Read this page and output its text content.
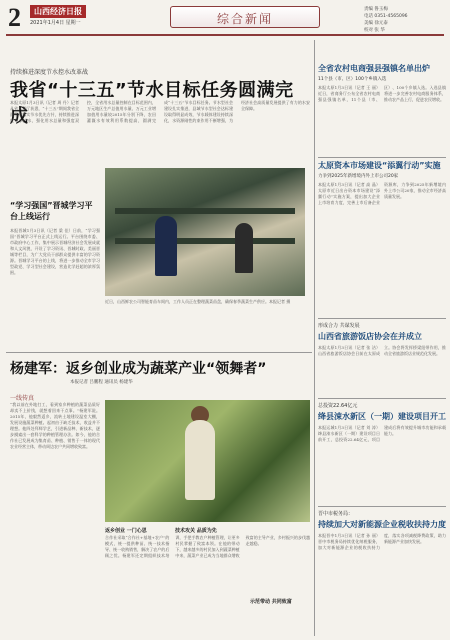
2	山西经济日报
2021年1月4日 星期一	综合新闻
责编 鲁玉梅
电话 0351-4565096
美编 徐元泰
校对 张 华
持续推进深度节水控水改革战
我省“十三五”节水目标任务圆满完成
本报太原1月3日讯（记者 周 丹）记者从省水利厅获悉，“十三五”期间我省全面贯彻落实节水优先方针，持续推进深度节水控水，强化用水总量和强度双控，全省用水总量控制在目标范围内，万元地区生产总值用水量、万元工业增加值用水量较2015年分别下降，农田灌溉水有效利用系数提高，圆满完成“十三五”节水目标任务。节水型社会建设扎实推进，县域节水型社会达标建设取得明显成效，节水载体建设持续深化，水资源刚性约束作用不断增强，为经济社会高质量发展提供了有力的水安全保障。
近日，山西鲜农公司智能育苗车间内，工作人员正在整理蔬菜苗盘，确保春季蔬菜生产供应。本报记者 摄
“学习强国”晋城学习平台上线运行
本报晋城1月3日讯（记者 梁 佳）日前，“学习强国”晋城学习平台正式上线运行。平台围绕市委、市政府中心工作，集中展示晋城经济社会发展成就和人文风貌，开设了学习资讯、晋城时政、美丽晋城等栏目，为广大党员干部群众提供丰富的学习资源。晋城学习平台的上线，将进一步推动全市学习型政党、学习型社会建设，营造比学赶超的浓厚氛围。
杨建军：返乡创业成为蔬菜产业“领舞者”
本报记者 吕鹏程 通讯员 杨建华
一线传真
“我以前在外地打工，看到家乡种植的蔬菜品质好却卖不上价钱，就想着回来干点事。”杨建军说。2015年，他毅然返乡，流转土地建设温室大棚，发展设施蔬菜种植。起初由于缺乏技术，收益并不理想。他四处拜师学艺，引进新品种、新技术，逐步摸索出一套科学的种植管理办法。如今，他的合作社已发展成为集育苗、种植、销售于一体的现代农业经营主体，带动周边农户共同增收致富。
返乡创业 一门心思	技术攻关 品质为先
合作社采取“合作社+基地+农户”的模式，统一提供种苗、统一技术指导、统一收购销售，解决了农户的后顾之忧。杨建军还定期组织技术培训，手把手教农户种植管理，让更多村民掌握了致富本领。在他的带动下，越来越多的村民加入到蔬菜种植中来，蔬菜产业已成为当地群众增收致富的主导产业，乡村振兴的步伐越走越稳。
示范带动 共同致富
全省农村电商强县强镇名单出炉
11个县（市、区）100个乡镇入选
本报太原1月3日讯（记者 王 丽）近日，省商务厅公布全省农村电商强县强镇名单，11个县（市、区）、100个乡镇入选。入选县镇将进一步完善农村电商服务体系，推动农产品上行，促进农民增收。
太原资本市场建设“添翼行动”实施
力争到2025年新增境内外上市公司20家
本报太原1月3日讯（记者 高 晶）太原市近日出台资本市场建设“添翼行动”实施方案，提出加大企业上市培育力度，完善上市后备企业资源库，力争到2025年新增境内外上市公司20家，推动全市经济高质量发展。
形成合力 共谋发展
山西省旅游饭店协会在并成立
本报太原1月3日讯（记者 张 洁）山西省旅游饭店协会日前在太原成立。协会将发挥桥梁纽带作用，推动全省旅游饭店业规范化发展。
总投资22.64亿元
绛县涑水新区（一期）建设项目开工
本报运城1月3日讯（记者 刘 涛）绛县涑水新区（一期）建设项目日前开工，总投资22.64亿元，项目建成后将有效提升城市功能和承载能力。
晋中市税务局：
持续加大对新能源企业税收扶持力度
本报晋中1月3日讯（记者 孙 丽）晋中市税务局持续优化纳税服务，加大对新能源企业的税收扶持力度，落实各项减税降费政策，助力新能源产业加快发展。
